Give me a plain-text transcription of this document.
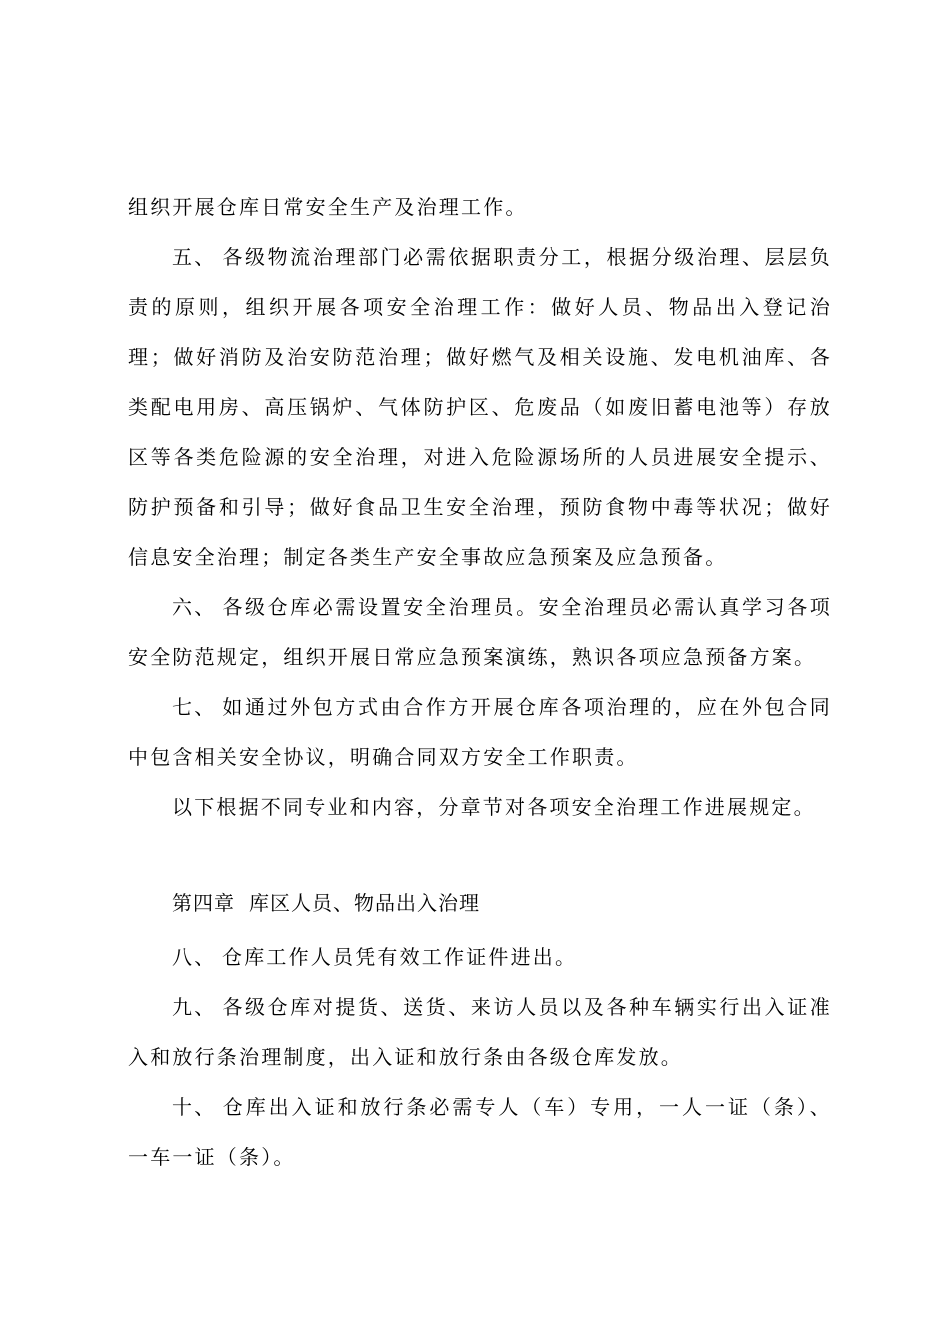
组织开展仓库日常安全生产及治理工作。

五、 各级物流治理部门必需依据职责分工，根据分级治理、层层负责的原则，组织开展各项安全治理工作：做好人员、物品出入登记治理；做好消防及治安防范治理；做好燃气及相关设施、发电机油库、各类配电用房、高压锅炉、气体防护区、危废品（如废旧蓄电池等）存放区等各类危险源的安全治理，对进入危险源场所的人员进展安全提示、防护预备和引导；做好食品卫生安全治理，预防食物中毒等状况；做好信息安全治理；制定各类生产安全事故应急预案及应急预备。

六、 各级仓库必需设置安全治理员。安全治理员必需认真学习各项安全防范规定，组织开展日常应急预案演练，熟识各项应急预备方案。

七、 如通过外包方式由合作方开展仓库各项治理的，应在外包合同中包含相关安全协议，明确合同双方安全工作职责。

以下根据不同专业和内容，分章节对各项安全治理工作进展规定。

第四章 库区人员、物品出入治理

八、 仓库工作人员凭有效工作证件进出。

九、 各级仓库对提货、送货、来访人员以及各种车辆实行出入证准入和放行条治理制度，出入证和放行条由各级仓库发放。

十、 仓库出入证和放行条必需专人（车）专用，一人一证（条）、一车一证（条）。
